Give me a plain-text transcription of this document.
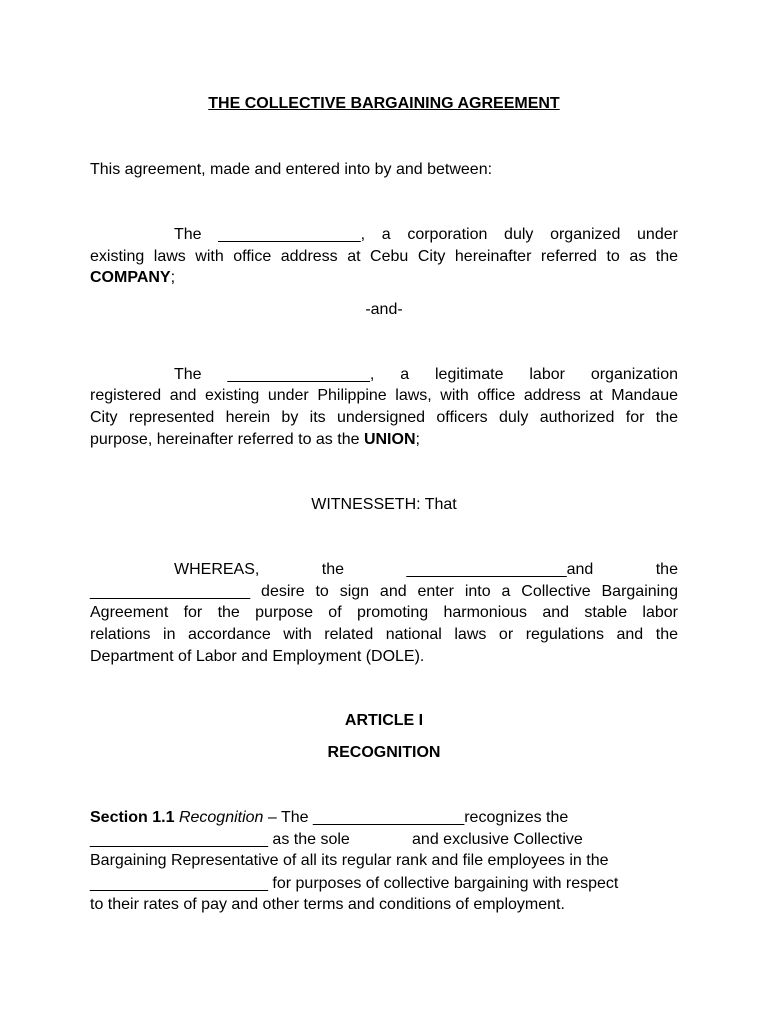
THE COLLECTIVE BARGAINING AGREEMENT
This agreement, made and entered into by and between:
The ________________, a corporation duly organized under
existing laws with office address at Cebu City hereinafter referred to as the
COMPANY;
-and-
The ________________, a legitimate labor organization
registered and existing under Philippine laws, with office address at Mandaue
City represented herein by its undersigned officers duly authorized for the
purpose, hereinafter referred to as the UNION;
WITNESSETH: That
WHEREAS,	the	__________________and	the
__________________ desire to sign and enter into a Collective Bargaining
Agreement for the purpose of promoting harmonious and stable labor
relations in accordance with related national laws or regulations and the
Department of Labor and Employment (DOLE).
ARTICLE I
RECOGNITION
Section 1.1 Recognition – The _________________recognizes the
____________________ as the sole              and exclusive Collective
Bargaining Representative of all its regular rank and file employees in the
____________________ for purposes of collective bargaining with respect
to their rates of pay and other terms and conditions of employment.
